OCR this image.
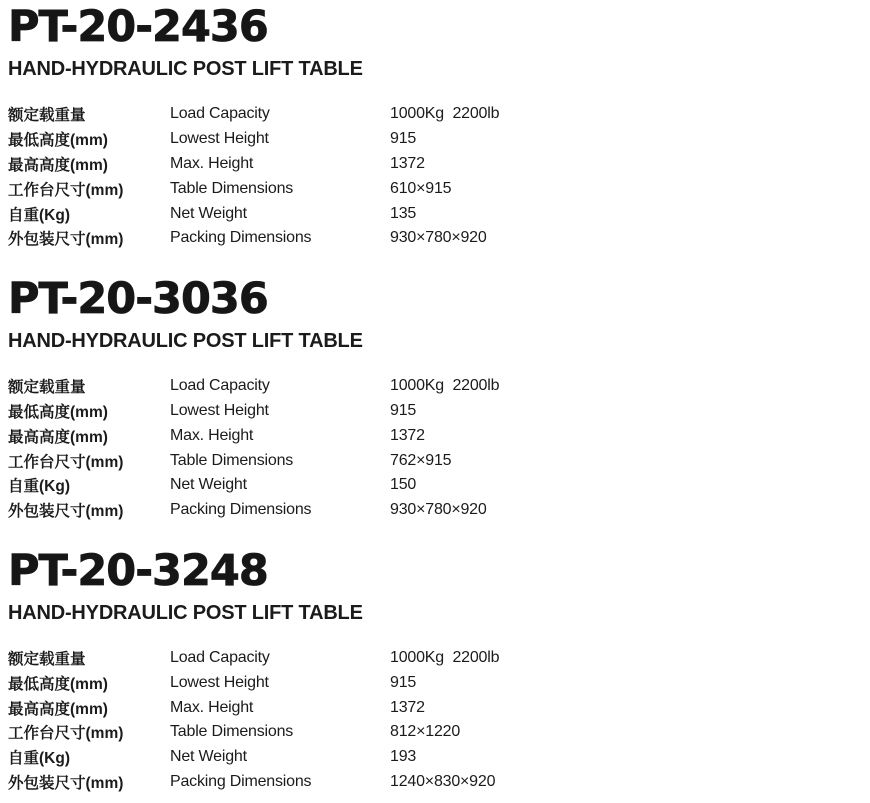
PT-20-2436
HAND-HYDRAULIC POST LIFT TABLE
额定载重量	Load Capacity	1000Kg  2200lb
最低高度(mm)	Lowest Height	915
最高高度(mm)	Max. Height	1372
工作台尺寸(mm)	Table Dimensions	610×915
自重(Kg)	Net Weight	135
外包装尺寸(mm)	Packing Dimensions	930×780×920
PT-20-3036
HAND-HYDRAULIC POST LIFT TABLE
额定载重量	Load Capacity	1000Kg  2200lb
最低高度(mm)	Lowest Height	915
最高高度(mm)	Max. Height	1372
工作台尺寸(mm)	Table Dimensions	762×915
自重(Kg)	Net Weight	150
外包装尺寸(mm)	Packing Dimensions	930×780×920
PT-20-3248
HAND-HYDRAULIC POST LIFT TABLE
额定载重量	Load Capacity	1000Kg  2200lb
最低高度(mm)	Lowest Height	915
最高高度(mm)	Max. Height	1372
工作台尺寸(mm)	Table Dimensions	812×1220
自重(Kg)	Net Weight	193
外包装尺寸(mm)	Packing Dimensions	1240×830×920
